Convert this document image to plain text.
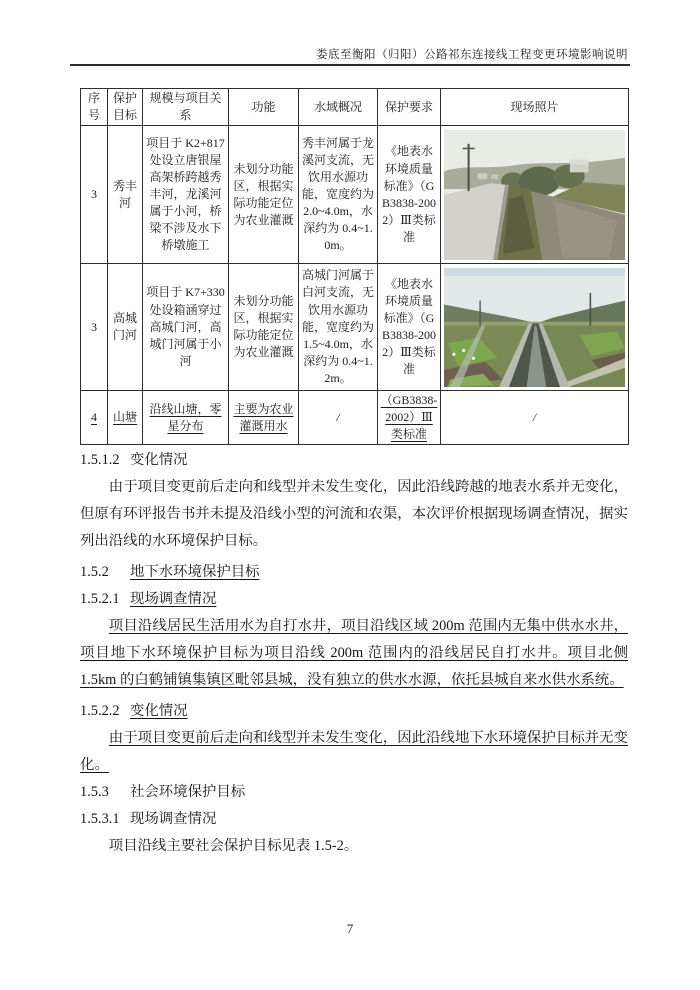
娄底至衡阳（归阳）公路祁东连接线工程变更环境影响说明
序号	保护目标	规模与项目关系	功能	水域概况	保护要求	现场照片
3	秀丰河	项目于 K2+817 处设立唐银屋高架桥跨越秀丰河，龙溪河属于小河，桥梁不涉及水下桥墩施工	未划分功能区，根据实际功能定位为农业灌溉	秀丰河属于龙溪河支流，无饮用水源功能，宽度约为 2.0~4.0m，水深约为 0.4~1.0m。	《地表水环境质量标准》（GB3838-2002）Ⅲ类标准	

3	高城门河	项目于 K7+330 处设箱涵穿过高城门河，高城门河属于小河	未划分功能区，根据实际功能定位为农业灌溉	高城门河属于白河支流，无饮用水源功能，宽度约为 1.5~4.0m，水深约为 0.4~1.2m。	《地表水环境质量标准》（GB3838-2002）Ⅲ类标准	

4	山塘	沿线山塘，零星分布	主要为农业灌溉用水	/	（GB3838-2002）Ⅲ类标准	/
1.5.1.2 变化情况
由于项目变更前后走向和线型并未发生变化，因此沿线跨越的地表水系并无变化，但原有环评报告书并未提及沿线小型的河流和农渠，本次评价根据现场调查情况，据实列出沿线的水环境保护目标。
1.5.2 地下水环境保护目标
1.5.2.1 现场调查情况
项目沿线居民生活用水为自打水井，项目沿线区域 200m 范围内无集中供水水井，项目地下水环境保护目标为项目沿线 200m 范围内的沿线居民自打水井。项目北侧 1.5km 的白鹤铺镇集镇区毗邻县城，没有独立的供水水源，依托县城自来水供水系统。
1.5.2.2 变化情况
由于项目变更前后走向和线型并未发生变化，因此沿线地下水环境保护目标并无变化。
1.5.3 社会环境保护目标
1.5.3.1 现场调查情况
项目沿线主要社会保护目标见表 1.5-2。
7
